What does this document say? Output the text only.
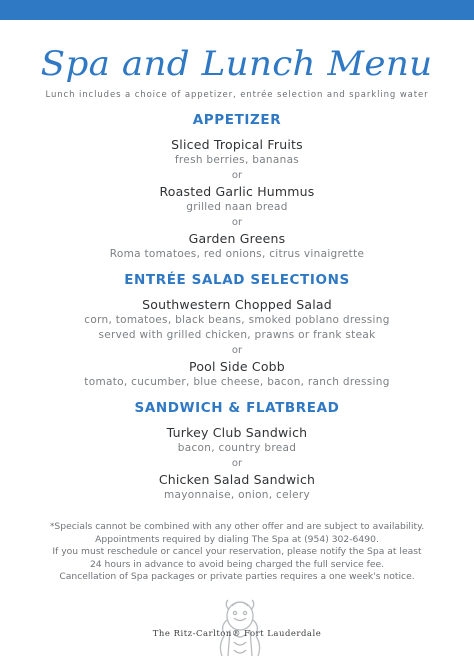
Spa and Lunch Menu
Lunch includes a choice of appetizer, entrée selection and sparkling water
APPETIZER
Sliced Tropical Fruits
fresh berries, bananas
or
Roasted Garlic Hummus
grilled naan bread
or
Garden Greens
Roma tomatoes, red onions, citrus vinaigrette
ENTRÉE SALAD SELECTIONS
Southwestern Chopped Salad
corn, tomatoes, black beans, smoked poblano dressing
served with grilled chicken, prawns or frank steak
or
Pool Side Cobb
tomato, cucumber, blue cheese, bacon, ranch dressing
SANDWICH & FLATBREAD
Turkey Club Sandwich
bacon, country bread
or
Chicken Salad Sandwich
mayonnaise, onion, celery
*Specials cannot be combined with any other offer and are subject to availability.
Appointments required by dialing The Spa at (954) 302-6490.
If you must reschedule or cancel your reservation, please notify the Spa at least
24 hours in advance to avoid being charged the full service fee.
Cancellation of Spa packages or private parties requires a one week's notice.
The Ritz-Carlton® Fort Lauderdale
